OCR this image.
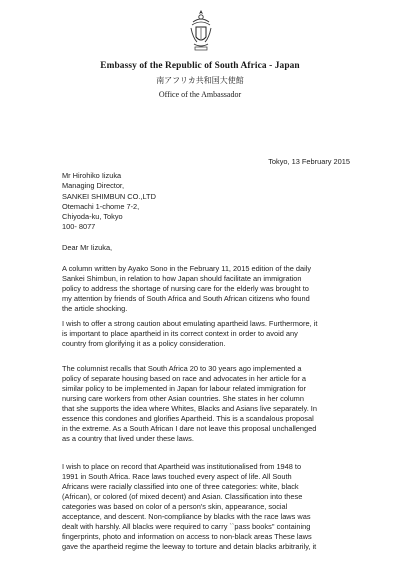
Embassy of the Republic of South Africa - Japan
南アフリカ共和国大使館
Office of the Ambassador
Tokyo, 13 February 2015
Mr Hirohiko Iizuka
Managing Director,
SANKEI SHIMBUN CO.,LTD
Otemachi 1-chome 7-2,
Chiyoda-ku, Tokyo
100- 8077
Dear Mr Iizuka,
A column written by Ayako Sono in the February 11, 2015 edition of the daily
Sankei Shimbun, in relation to how Japan should facilitate an immigration
policy to address the shortage of nursing care for the elderly was brought to
my attention by friends of South Africa and South African citizens who found
the article shocking.
I wish to offer a strong caution about emulating apartheid laws. Furthermore, it
is important to place apartheid in its correct context in order to avoid any
country from glorifying it as a policy consideration.
The columnist recalls that South Africa 20 to 30 years ago implemented a
policy of separate housing based on race and advocates in her article for a
similar policy to be implemented in Japan for labour related immigration for
nursing care workers from other Asian countries. She states in her column
that she supports the idea where Whites, Blacks and Asians live separately. In
essence this condones and glorifies Apartheid. This is a scandalous proposal
in the extreme. As a South African I dare not leave this proposal unchallenged
as a country that lived under these laws.
I wish to place on record that Apartheid was institutionalised from 1948 to
1991 in South Africa. Race laws touched every aspect of life. All South
Africans were racially classified into one of three categories: white, black
(African), or colored (of mixed decent) and Asian. Classification into these
categories was based on color of a person's skin, appearance, social
acceptance, and descent. Non-compliance by blacks with the race laws was
dealt with harshly. All blacks were required to carry ``pass books'' containing
fingerprints, photo and information on access to non-black areas These laws
gave the apartheid regime the leeway to torture and detain blacks arbitrarily, it
